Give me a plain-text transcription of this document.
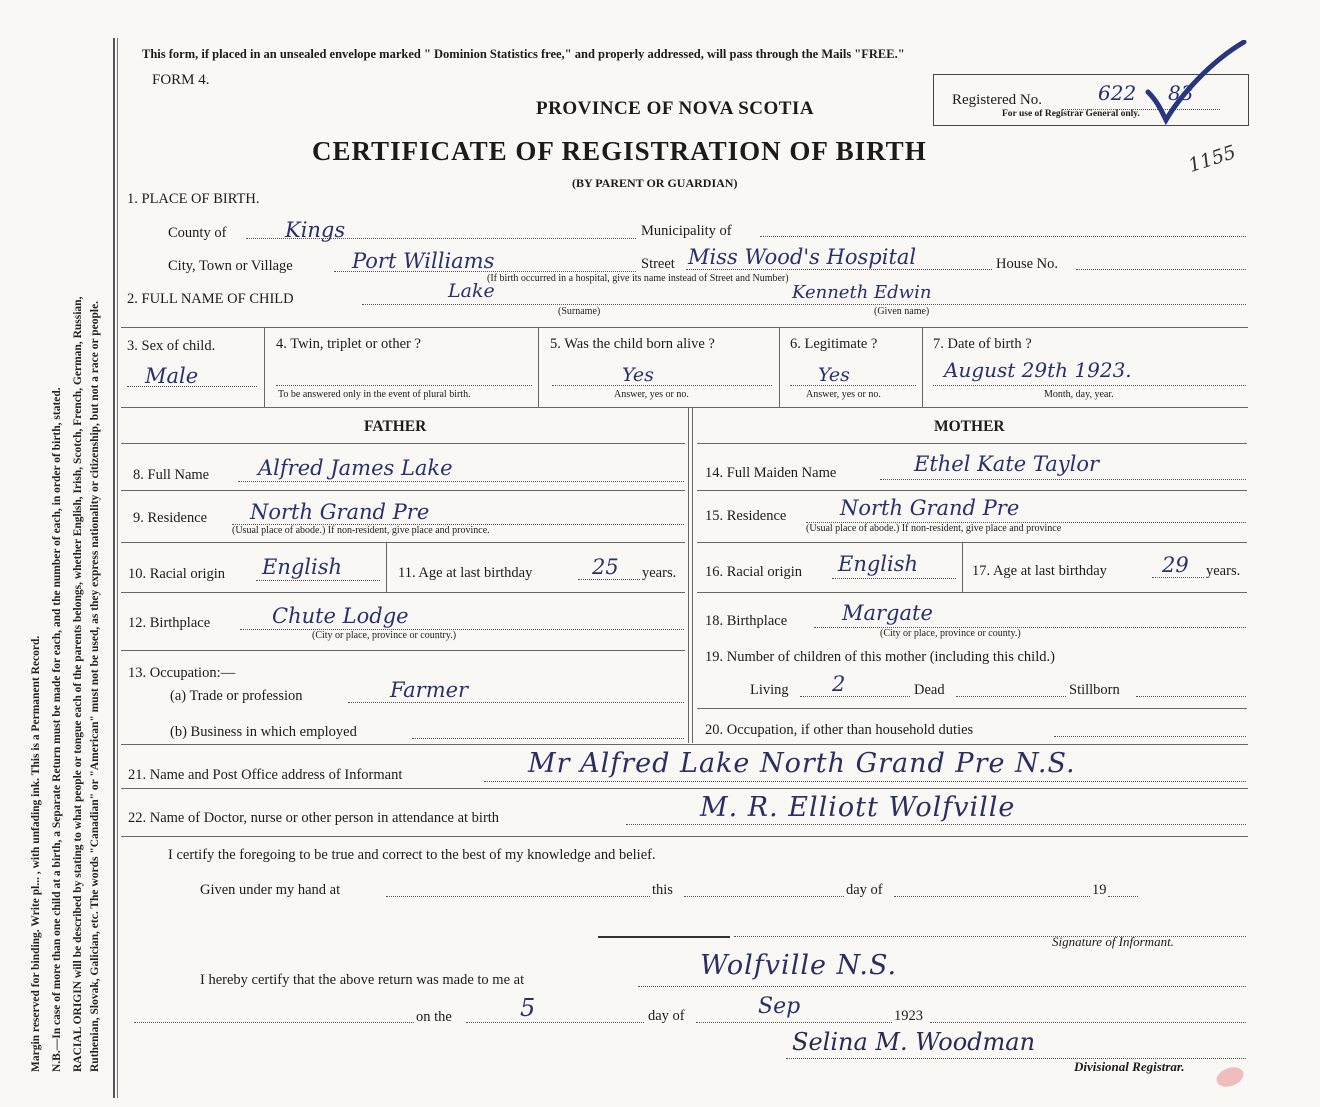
Margin reserved for binding. Write pl... , with unfading ink. This is a Permanent Record. N.B.—In case of more than one child at a birth, a Separate Return must be made for each, and the number of each, in order of birth, stated. RACIAL ORIGIN will be described by stating to what people or tongue each of the parents belongs, whether English, Irish, Scotch, French, German, Russian, Ruthenian, Slovak, Galician, etc. The words "Canadian" or "American" must not be used, as they express nationality or citizenship, but not a race or people.
This form, if placed in an unsealed envelope marked " Dominion Statistics free," and properly addressed, will pass through the Mails "FREE."
FORM 4.
PROVINCE OF NOVA SCOTIA
CERTIFICATE OF REGISTRATION OF BIRTH
(BY PARENT OR GUARDIAN)
Registered No.	622 83
For use of Registrar General only.
1155
1. PLACE OF BIRTH.
County of	Kings	Municipality of
City, Town or Village	Port Williams	Street Miss Wood's Hospital	House No.
(If birth occurred in a hospital, give its name instead of Street and Number)
2. FULL NAME OF CHILD	Lake	Kenneth Edwin
(Surname)	(Given name)
3. Sex of child.
Male
4. Twin, triplet or other ?
To be answered only in the event of plural birth.
5. Was the child born alive ?
Yes
Answer, yes or no.
6. Legitimate ?
Yes
Answer, yes or no.
7. Date of birth ?
August 29th 1923.
Month, day, year.
FATHER
8. Full Name Alfred James Lake
9. Residence North Grand Pre
(Usual place of abode.) If non-resident, give place and province.
10. Racial origin English	11. Age at last birthday	25 years.
12. Birthplace	Chute Lodge
(City or place, province or country.)
13. Occupation:—
(a) Trade or profession	Farmer
(b) Business in which employed
MOTHER
14. Full Maiden Name	Ethel Kate Taylor
15. Residence	North Grand Pre
(Usual place of abode.) If non-resident, give place and province
16. Racial origin English	17. Age at last birthday	29 years.
18. Birthplace	Margate
(City or place, province or county.)
19. Number of children of this mother (including this child.)
Living 2	Dead	Stillborn
20. Occupation, if other than household duties
21. Name and Post Office address of Informant	Mr Alfred Lake North Grand Pre N.S.
22. Name of Doctor, nurse or other person in attendance at birth	M. R. Elliott Wolfville
I certify the foregoing to be true and correct to the best of my knowledge and belief.
Given under my hand at	this	day of	19
Signature of Informant.
I hereby certify that the above return was made to me at	Wolfville N.S.
on the	5	day of	Sep	1923
Selina M. Woodman
Divisional Registrar.
